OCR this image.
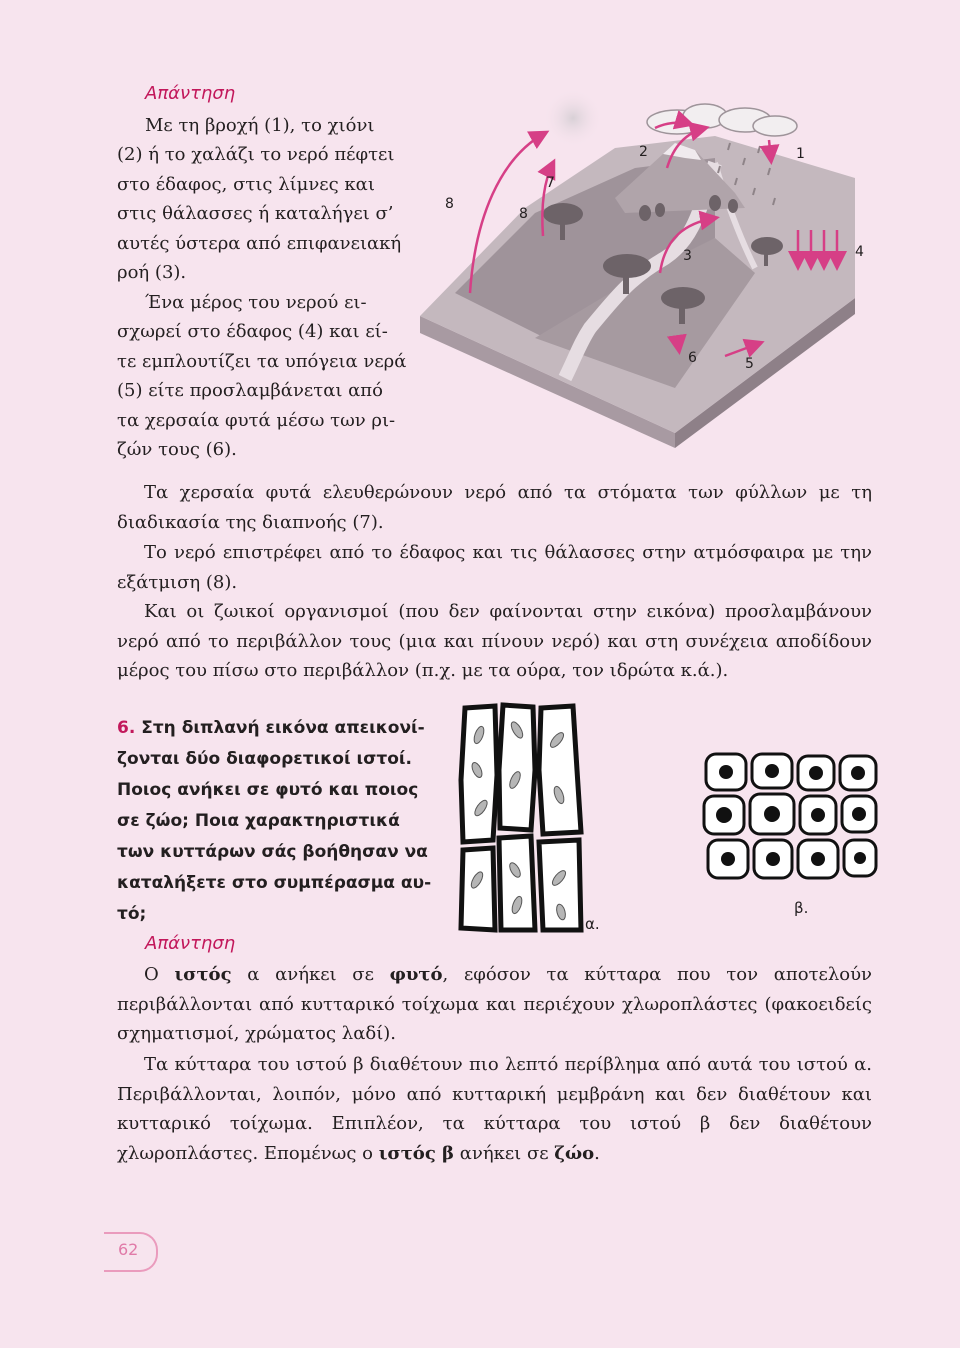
Απάντηση
Με τη βροχή (1), το χιόνι
(2) ή το χαλάζι το νερό πέφτει
στο έδαφος, στις λίμνες και
στις θάλασσες ή καταλήγει σ’
αυτές ύστερα από επιφανειακή
ροή (3).
Ένα μέρος του νερού ει-
σχωρεί στο έδαφος (4) και εί-
τε εμπλουτίζει τα υπόγεια νερά
(5) είτε προσλαμβάνεται από
τα χερσαία φυτά μέσω των ρι-
ζών τους (6).
1
2
3	4
5
6
7
8
8

Τα χερσαία φυτά ελευθερώνουν νερό από τα στόματα των φύλλων με τη διαδικασία της διαπνοής (7).

Το νερό επιστρέφει από το έδαφος και τις θάλασσες στην ατμόσφαιρα με την εξάτμιση (8).

Και οι ζωικοί οργανισμοί (που δεν φαίνονται στην εικόνα) προσλαμβάνουν νερό από το περιβάλλον τους (μια και πίνουν νερό) και στη συνέχεια αποδίδουν μέρος του πίσω στο περιβάλλον (π.χ. με τα ούρα, τον ιδρώτα κ.ά.).

6. Στη διπλανή εικόνα απεικονί-
ζονται δύο διαφορετικοί ιστοί.
Ποιος ανήκει σε φυτό και ποιος
σε ζώο; Ποια χαρακτηριστικά
των κυττάρων σάς βοήθησαν να
καταλήξετε στο συμπέρασμα αυ-
τό;	α.
β.
Απάντηση

Ο ιστός α ανήκει σε φυτό, εφόσον τα κύτταρα που τον αποτελούν περιβάλλονται από κυτταρικό τοίχωμα και περιέχουν χλωροπλάστες (φακοειδείς σχηματισμοί, χρώματος λαδί).

Τα κύτταρα του ιστού β διαθέτουν πιο λεπτό περίβλημα από αυτά του ιστού α. Περιβάλλονται, λοιπόν, μόνο από κυτταρική μεμβράνη και δεν διαθέτουν και κυτταρικό τοίχωμα. Επιπλέον, τα κύτταρα του ιστού β δεν διαθέτουν χλωροπλάστες. Επομένως ο ιστός β ανήκει σε ζώο.

62
